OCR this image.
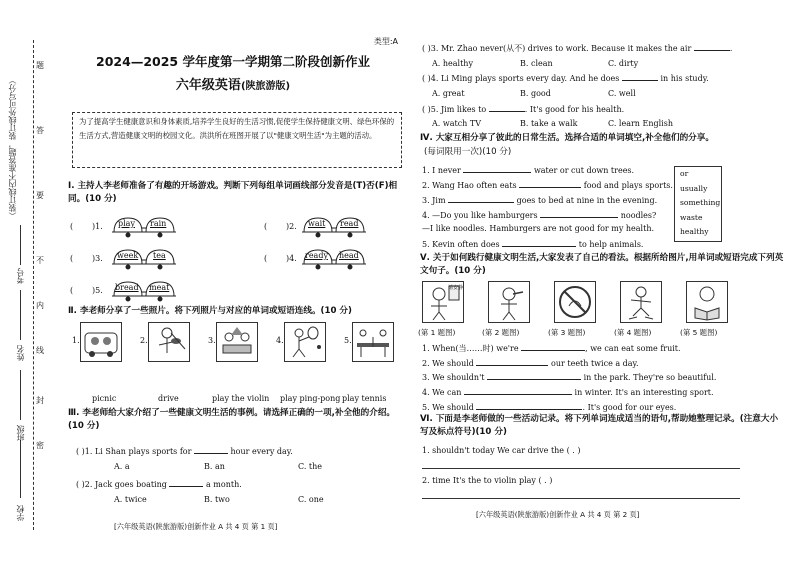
（装订线内不准答题，装订线外可写分）
题
答
要
不
内
线
封
密
学校
班级
姓名
考号
类型:A
2024—2025 学年度第一学期第二阶段创新作业
六年级英语(陕旅游版)
为了提高学生健康意识和身体素质,培养学生良好的生活习惯,促使学生保持健康文明、绿色环保的生活方式,营造健康文明的校园文化。洪洪所在班图开展了以"健康文明生活"为主题的活动。
Ⅰ. 主持人李老师准备了有趣的开场游戏。判断下列每组单词画线部分发音是(T)否(F)相同。(10 分)
( )1. play rain	( )2. wait read
( )3. week tea	( )4. ready head
( )5. bread meat
Ⅱ. 李老师分享了一些照片。将下列照片与对应的单词或短语连线。(10 分)
1.	2.	3.	4.	5.
picnic	drive	play the violin play ping-pong play tennis
Ⅲ. 李老师给大家介绍了一些健康文明生活的事例。请选择正确的一项,补全他的介绍。(10 分)
( )1. Li Shan plays sports for	hour every day.
A. a	B. an	C. the
( )2. Jack goes boating	a month.
A. twice	B. two	C. one
[六年级英语(陕旅游版)创新作业 A 共 4 页 第 1 页]
( )3. Mr. Zhao never(从不) drives to work. Because it makes the air	.
A. healthy	B. clean	C. dirty
( )4. Li Ming plays sports every day. And he does	in his study.
A. great	B. good	C. well
( )5. Jim likes to	. It's good for his health.
A. watch TV	B. take a walk	C. learn English
Ⅳ. 大家互相分享了彼此的日常生活。选择合适的单词填空,补全他们的分享。
(每词限用一次)(10 分)
1. I never	water or cut down trees.
2. Wang Hao often eats	food and plays sports.
3. Jim	goes to bed at nine in the evening.
4. —Do you like hamburgers	noodles?
—I like noodles. Hamburgers are not good for my health.
5. Kevin often does	to help animals.
Ⅴ. 关于如何践行健康文明生活,大家发表了自己的看法。根据所给图片,用单词或短语完成下列英文句子。(10 分)
请安静
(第 1 题图)	(第 2 题图)	(第 3 题图)	(第 4 题图)	(第 5 题图)
1. When(当……时) we're	, we can eat some fruit.
2. We should	our teeth twice a day.
3. We shouldn't	in the park. They're so beautiful.
4. We can	in winter. It's an interesting sport.
5. We should	. It's good for our eyes.
Ⅵ. 下面是李老师做的一些活动记录。将下列单词连成适当的语句,帮助她整理记录。(注意大小写及标点符号)(10 分)
1. shouldn't today We car drive the ( . )
2. time It's the to violin play ( . )
[六年级英语(陕旅游版)创新作业 A 共 4 页 第 2 页]
or
usually
something
waste
healthy
